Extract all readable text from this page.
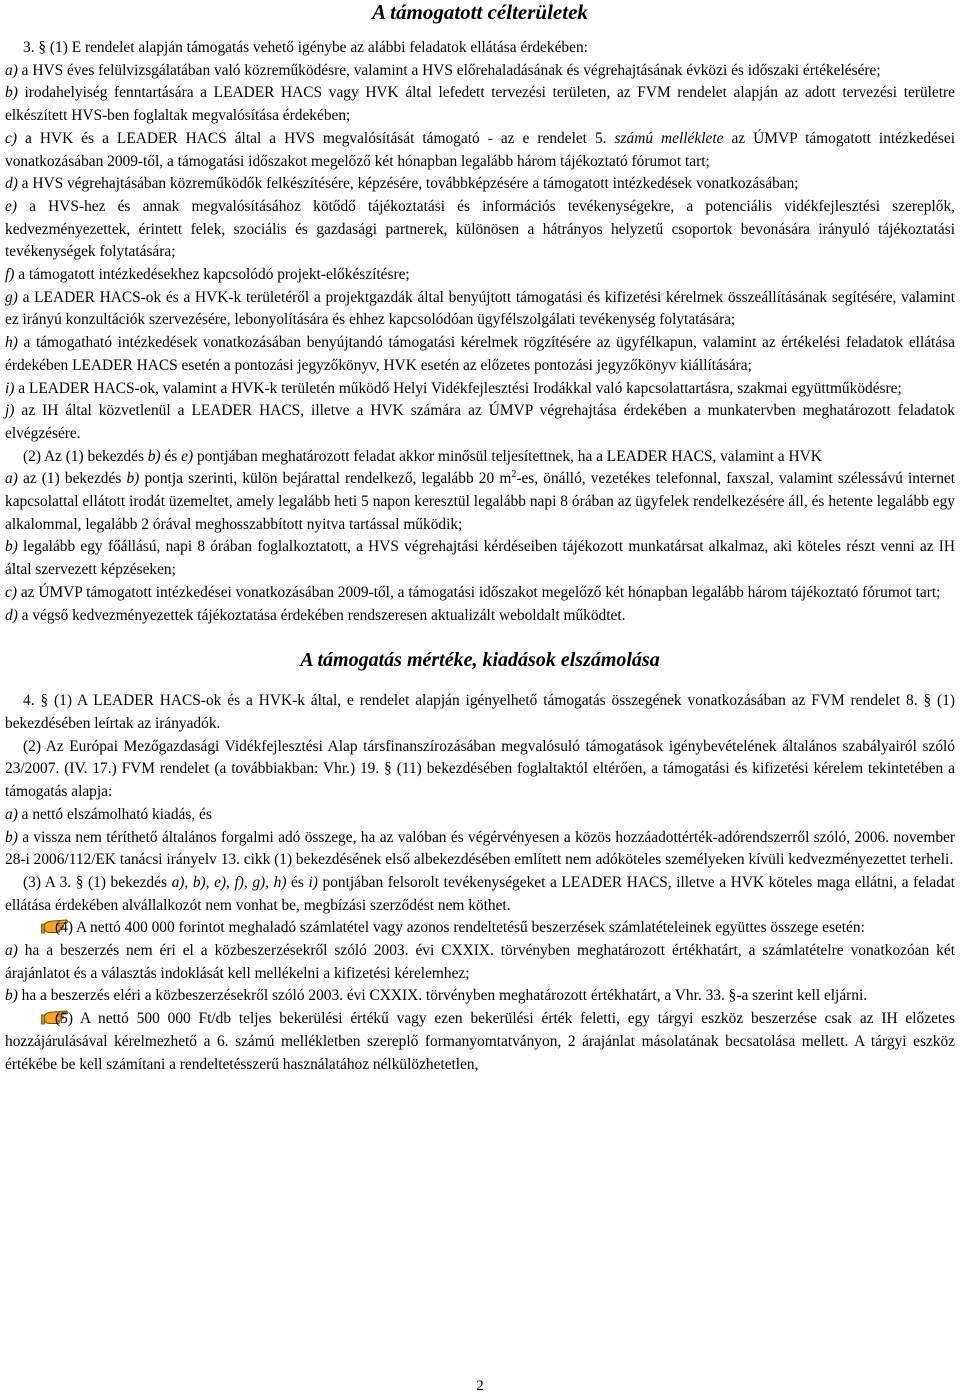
A támogatott célterületek

3. § (1) E rendelet alapján támogatás vehető igénybe az alábbi feladatok ellátása érdekében:

a) a HVS éves felülvizsgálatában való közreműködésre, valamint a HVS előrehaladásának és végrehajtásának évközi és időszaki értékelésére;

b) irodahelyiség fenntartására a LEADER HACS vagy HVK által lefedett tervezési területen, az FVM rendelet alapján az adott tervezési területre elkészített HVS-ben foglaltak megvalósítása érdekében;

c) a HVK és a LEADER HACS által a HVS megvalósítását támogató - az e rendelet 5. számú melléklete az ÚMVP támogatott intézkedései vonatkozásában 2009-től, a támogatási időszakot megelőző két hónapban legalább három tájékoztató fórumot tart;

d) a HVS végrehajtásában közreműködők felkészítésére, képzésére, továbbképzésére a támogatott intézkedések vonatkozásában;

e) a HVS-hez és annak megvalósításához kötődő tájékoztatási és információs tevékenységekre, a potenciális vidékfejlesztési szereplők, kedvezményezettek, érintett felek, szociális és gazdasági partnerek, különösen a hátrányos helyzetű csoportok bevonására irányuló tájékoztatási tevékenységek folytatására;

f) a támogatott intézkedésekhez kapcsolódó projekt-előkészítésre;

g) a LEADER HACS-ok és a HVK-k területéről a projektgazdák által benyújtott támogatási és kifizetési kérelmek összeállításának segítésére, valamint ez irányú konzultációk szervezésére, lebonyolítására és ehhez kapcsolódóan ügyfélszolgálati tevékenység folytatására;

h) a támogatható intézkedések vonatkozásában benyújtandó támogatási kérelmek rögzítésére az ügyfélkapun, valamint az értékelési feladatok ellátása érdekében LEADER HACS esetén a pontozási jegyzőkönyv, HVK esetén az előzetes pontozási jegyzőkönyv kiállítására;

i) a LEADER HACS-ok, valamint a HVK-k területén működő Helyi Vidékfejlesztési Irodákkal való kapcsolattartásra, szakmai együttműködésre;

j) az IH által közvetlenül a LEADER HACS, illetve a HVK számára az ÚMVP végrehajtása érdekében a munkatervben meghatározott feladatok elvégzésére.

(2) Az (1) bekezdés b) és e) pontjában meghatározott feladat akkor minősül teljesítettnek, ha a LEADER HACS, valamint a HVK

a) az (1) bekezdés b) pontja szerinti, külön bejárattal rendelkező, legalább 20 $m^2-es$, önálló, vezetékes telefonnal, faxszal, valamint szélessávú internet kapcsolattal ellátott irodát üzemeltet, amely legalább heti 5 napon keresztül legalább napi 8 órában az ügyfelek rendelkezésére áll, és hetente legalább egy alkalommal, legalább 2 órával meghosszabbított nyitva tartással működik;

b) legalább egy főállású, napi 8 órában foglalkoztatott, a HVS végrehajtási kérdéseiben tájékozott munkatársat alkalmaz, aki köteles részt venni az IH által szervezett képzéseken;

c) az ÚMVP támogatott intézkedései vonatkozásában 2009-től, a támogatási időszakot megelőző két hónapban legalább három tájékoztató fórumot tart;

d) a végső kedvezményezettek tájékoztatása érdekében rendszeresen aktualizált weboldalt működtet.

A támogatás mértéke, kiadások elszámolása

4. § (1) A LEADER HACS-ok és a HVK-k által, e rendelet alapján igényelhető támogatás összegének vonatkozásában az FVM rendelet 8. § (1) bekezdésében leírtak az irányadók.

(2) Az Európai Mezőgazdasági Vidékfejlesztési Alap társfinanszírozásában megvalósuló támogatások igénybevételének általános szabályairól szóló 23/2007. (IV. 17.) FVM rendelet (a továbbiakban: Vhr.) 19. § (11) bekezdésében foglaltaktól eltérően, a támogatási és kifizetési kérelem tekintetében a támogatás alapja:

a) a nettó elszámolható kiadás, és

b) a vissza nem téríthető általános forgalmi adó összege, ha az valóban és végérvényesen a közös hozzáadottérték-adórendszerről szóló, 2006. november 28-i 2006/112/EK tanácsi irányelv 13. cikk (1) bekezdésének első albekezdésében említett nem adóköteles személyeken kívüli kedvezményezettet terheli.

(3) A 3. § (1) bekezdés a), b), e), f), g), h) és i) pontjában felsorolt tevékenységeket a LEADER HACS, illetve a HVK köteles maga ellátni, a feladat ellátása érdekében alvállalkozót nem vonhat be, megbízási szerződést nem köthet.

(4) A nettó 400 000 forintot meghaladó számlatétel vagy azonos rendeltetésű beszerzések számlatételeinek együttes összege esetén:

a) ha a beszerzés nem éri el a közbeszerzésekről szóló 2003. évi CXXIX. törvényben meghatározott értékhatárt, a számlatételre vonatkozóan két árajánlatot és a választás indoklását kell mellékelni a kifizetési kérelemhez;

b) ha a beszerzés eléri a közbeszerzésekről szóló 2003. évi CXXIX. törvényben meghatározott értékhatárt, a Vhr. 33. §-a szerint kell eljárni.

(5) A nettó 500 000 Ft/db teljes bekerülési értékű vagy ezen bekerülési érték feletti, egy tárgyi eszköz beszerzése csak az IH előzetes hozzájárulásával kérelmezhető a 6. számú mellékletben szereplő formanyomtatványon, 2 árajánlat másolatának becsatolása mellett. A tárgyi eszköz értékébe be kell számítani a rendeltetésszerű használatához nélkülözhetetlen,

2
